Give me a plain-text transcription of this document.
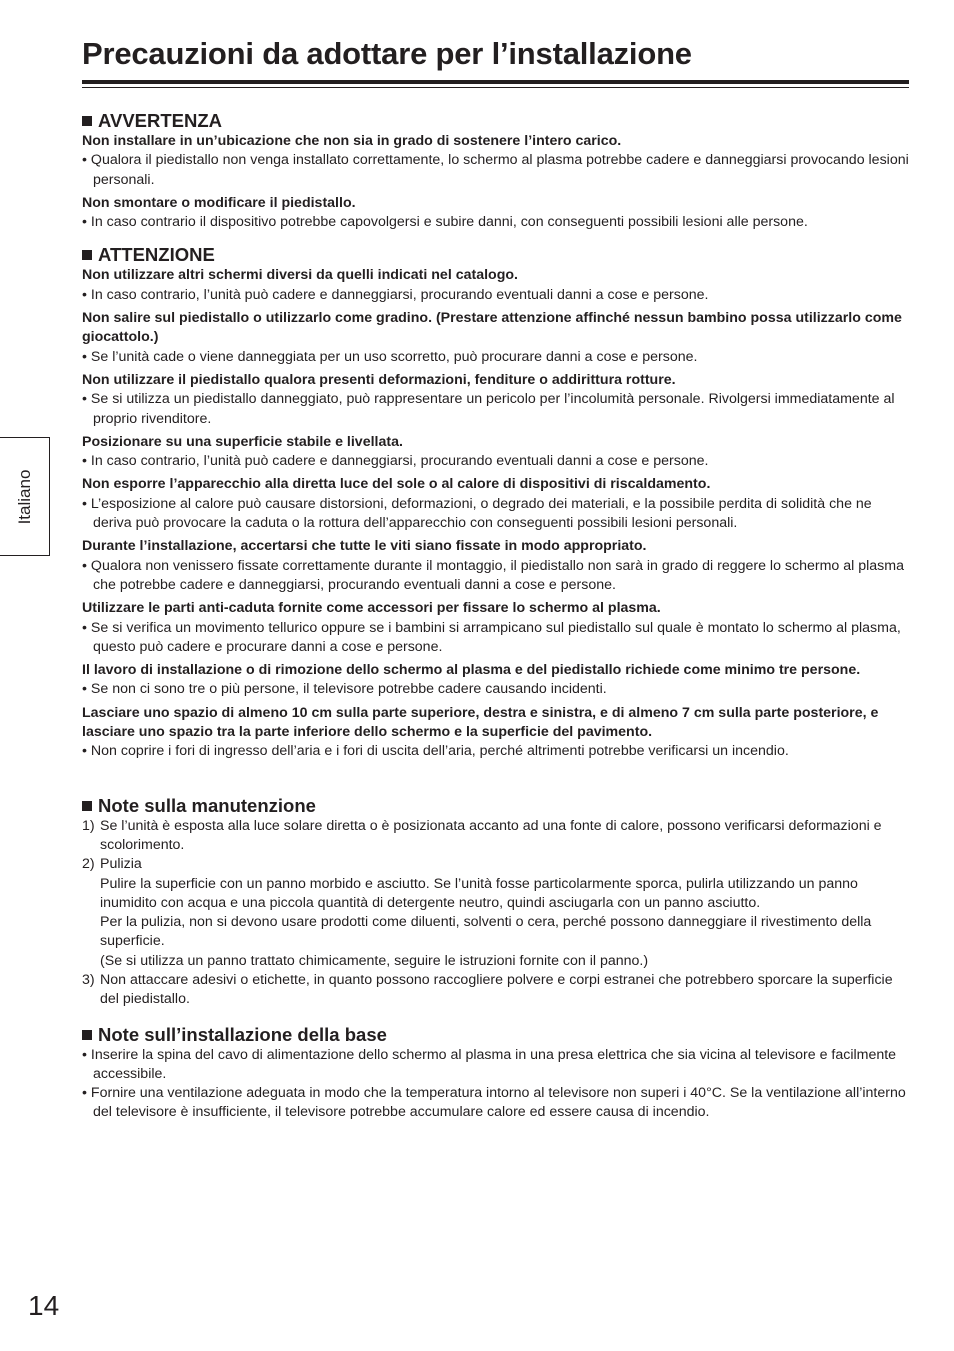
Precauzioni da adottare per l’installazione
Italiano
AVVERTENZA

Non installare in un’ubicazione che non sia in grado di sostenere l’intero carico.

• Qualora il piedistallo non venga installato correttamente, lo schermo al plasma potrebbe cadere e danneggiarsi provocando lesioni personali.

Non smontare o modificare il piedistallo.

• In caso contrario il dispositivo potrebbe capovolgersi e subire danni, con conseguenti possibili lesioni alle persone.

ATTENZIONE

Non utilizzare altri schermi diversi da quelli indicati nel catalogo.

• In caso contrario, l’unità può cadere e danneggiarsi, procurando eventuali danni a cose e persone.

Non salire sul piedistallo o utilizzarlo come gradino. (Prestare attenzione affinché nessun bambino possa utilizzarlo come giocattolo.)

• Se l’unità cade o viene danneggiata per un uso scorretto, può procurare danni a cose e persone.

Non utilizzare il piedistallo qualora presenti deformazioni, fenditure o addirittura rotture.

• Se si utilizza un piedistallo danneggiato, può rappresentare un pericolo per l’incolumità personale. Rivolgersi immediatamente al proprio rivenditore.

Posizionare su una superficie stabile e livellata.

• In caso contrario, l’unità può cadere e danneggiarsi, procurando eventuali danni a cose e persone.

Non esporre l’apparecchio alla diretta luce del sole o al calore di dispositivi di riscaldamento.

• L’esposizione al calore può causare distorsioni, deformazioni, o degrado dei materiali, e la possibile perdita di solidità che ne deriva può provocare la caduta o la rottura dell’apparecchio con conseguenti possibili lesioni personali.

Durante l’installazione, accertarsi che tutte le viti siano fissate in modo appropriato.

• Qualora non venissero fissate correttamente durante il montaggio, il piedistallo non sarà in grado di reggere lo schermo al plasma che potrebbe cadere e danneggiarsi, procurando eventuali danni a cose e persone.

Utilizzare le parti anti-caduta fornite come accessori per fissare lo schermo al plasma.

• Se si verifica un movimento tellurico oppure se i bambini si arrampicano sul piedistallo sul quale è montato lo schermo al plasma, questo può cadere e procurare danni a cose e persone.

Il lavoro di installazione o di rimozione dello schermo al plasma e del piedistallo richiede come minimo tre persone.

• Se non ci sono tre o più persone, il televisore potrebbe cadere causando incidenti.

Lasciare uno spazio di almeno 10 cm sulla parte superiore, destra e sinistra, e di almeno 7 cm sulla parte posteriore, e lasciare uno spazio tra la parte inferiore dello schermo e la superficie del pavimento.

• Non coprire i fori di ingresso dell’aria e i fori di uscita dell’aria, perché altrimenti potrebbe verificarsi un incendio.

Note sulla manutenzione
1) Se l’unità è esposta alla luce solare diretta o è posizionata accanto ad una fonte di calore, possono verificarsi deformazioni e scolorimento.
2) Pulizia

Pulire la superficie con un panno morbido e asciutto. Se l’unità fosse particolarmente sporca, pulirla utilizzando un panno inumidito con acqua e una piccola quantità di detergente neutro, quindi asciugarla con un panno asciutto.

Per la pulizia, non si devono usare prodotti come diluenti, solventi o cera, perché possono danneggiare il rivestimento della superficie.

(Se si utilizza un panno trattato chimicamente, seguire le istruzioni fornite con il panno.)

3) Non attaccare adesivi o etichette, in quanto possono raccogliere polvere e corpi estranei che potrebbero sporcare la superficie del piedistallo.
Note sull’installazione della base

• Inserire la spina del cavo di alimentazione dello schermo al plasma in una presa elettrica che sia vicina al televisore e facilmente accessibile.

• Fornire una ventilazione adeguata in modo che la temperatura intorno al televisore non superi i 40°C. Se la ventilazione all’interno del televisore è insufficiente, il televisore potrebbe accumulare calore ed essere causa di incendio.

14
